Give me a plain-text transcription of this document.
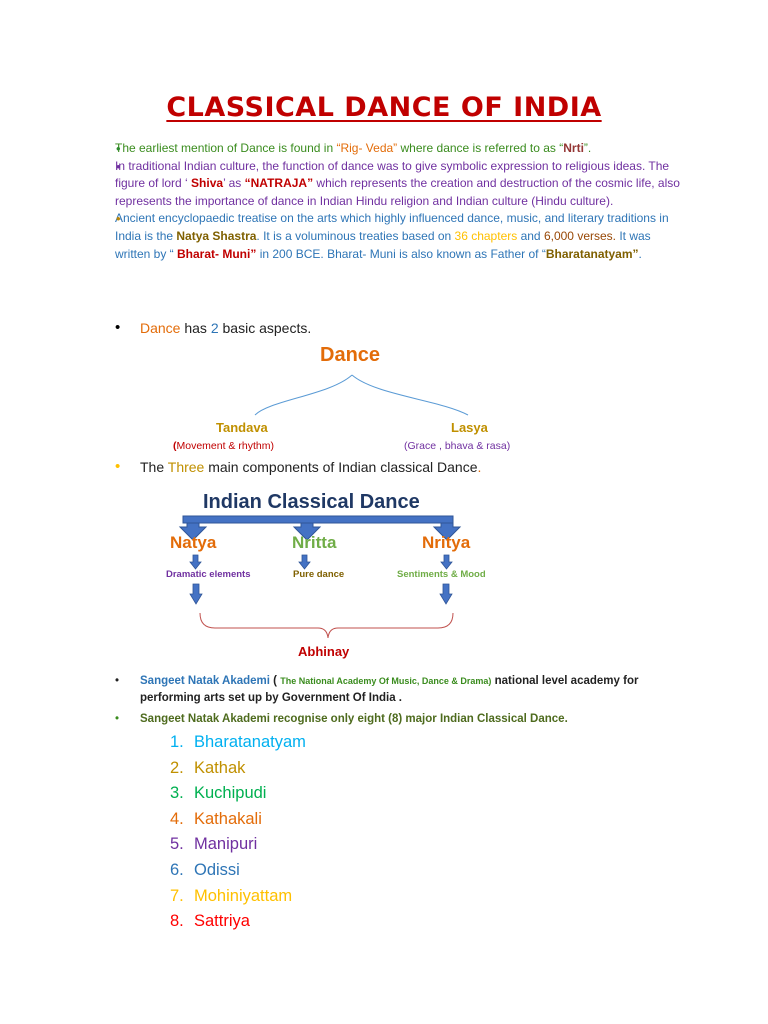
CLASSICAL DANCE OF INDIA
• The earliest mention of Dance is found in “Rig- Veda” where dance is referred to as “Nrti”.
• In traditional Indian culture, the function of dance was to give symbolic expression to religious ideas. The figure of lord ‘ Shiva’ as “NATRAJA” which represents the creation and destruction of the cosmic life, also represents the importance of dance in Indian Hindu religion and Indian culture (Hindu culture).
• Ancient encyclopaedic treatise on the arts which highly influenced dance, music, and literary traditions in India is the Natya Shastra. It is a voluminous treaties based on 36 chapters and 6,000 verses. It was written by “ Bharat- Muni” in 200 BCE. Bharat- Muni is also known as Father of “Bharatanatyam”.
• Dance has 2 basic aspects.
Dance
Tandava	Lasya
(Movement & rhythm)	(Grace , bhava & rasa)
• The Three main components of Indian classical Dance.
Indian Classical Dance
Natya	Nritta	Nritya
Dramatic elements	Pure dance	Sentiments & Mood
Abhinay
• Sangeet Natak Akademi ( The National Academy Of Music, Dance & Drama) national level academy for performing arts set up by Government Of India .
• Sangeet Natak Akademi recognise only eight (8) major Indian Classical Dance.
1. Bharatanatyam
2. Kathak
3. Kuchipudi
4. Kathakali
5. Manipuri
6. Odissi
7. Mohiniyattam
8. Sattriya
